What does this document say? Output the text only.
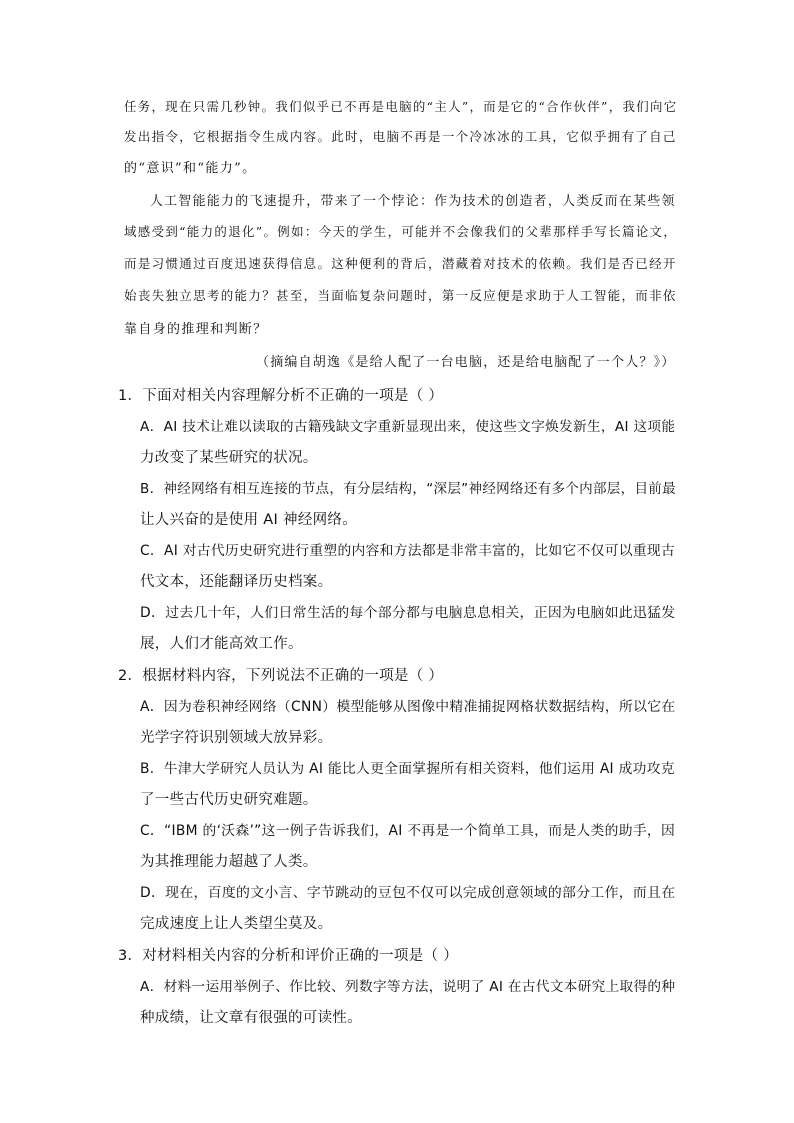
任务，现在只需几秒钟。我们似乎已不再是电脑的“主人”，而是它的“合作伙伴”，我们向它
发出指令，它根据指令生成内容。此时，电脑不再是一个冷冰冰的工具，它似乎拥有了自己
的“意识”和“能力”。
人工智能能力的飞速提升，带来了一个悖论：作为技术的创造者，人类反而在某些领
域感受到“能力的退化”。例如：今天的学生，可能并不会像我们的父辈那样手写长篇论文，
而是习惯通过百度迅速获得信息。这种便利的背后，潜藏着对技术的依赖。我们是否已经开
始丧失独立思考的能力？甚至，当面临复杂问题时，第一反应便是求助于人工智能，而非依
靠自身的推理和判断？
（摘编自胡逸《是给人配了一台电脑，还是给电脑配了一个人？》）
1．下面对相关内容理解分析不正确的一项是（ ）
A．AI 技术让难以读取的古籍残缺文字重新显现出来，使这些文字焕发新生，AI 这项能
力改变了某些研究的状况。
B．神经网络有相互连接的节点，有分层结构，“深层”神经网络还有多个内部层，目前最
让人兴奋的是使用 AI 神经网络。
C．AI 对古代历史研究进行重塑的内容和方法都是非常丰富的，比如它不仅可以重现古
代文本，还能翻译历史档案。
D．过去几十年，人们日常生活的每个部分都与电脑息息相关，正因为电脑如此迅猛发
展，人们才能高效工作。
2．根据材料内容，下列说法不正确的一项是（ ）
A．因为卷积神经网络（CNN）模型能够从图像中精准捕捉网格状数据结构，所以它在
光学字符识别领域大放异彩。
B．牛津大学研究人员认为 AI 能比人更全面掌握所有相关资料，他们运用 AI 成功攻克
了一些古代历史研究难题。
C．“IBM 的‘沃森’”这一例子告诉我们，AI 不再是一个简单工具，而是人类的助手，因
为其推理能力超越了人类。
D．现在，百度的文小言、字节跳动的豆包不仅可以完成创意领域的部分工作，而且在
完成速度上让人类望尘莫及。
3．对材料相关内容的分析和评价正确的一项是（ ）
A．材料一运用举例子、作比较、列数字等方法，说明了 AI 在古代文本研究上取得的种
种成绩，让文章有很强的可读性。
